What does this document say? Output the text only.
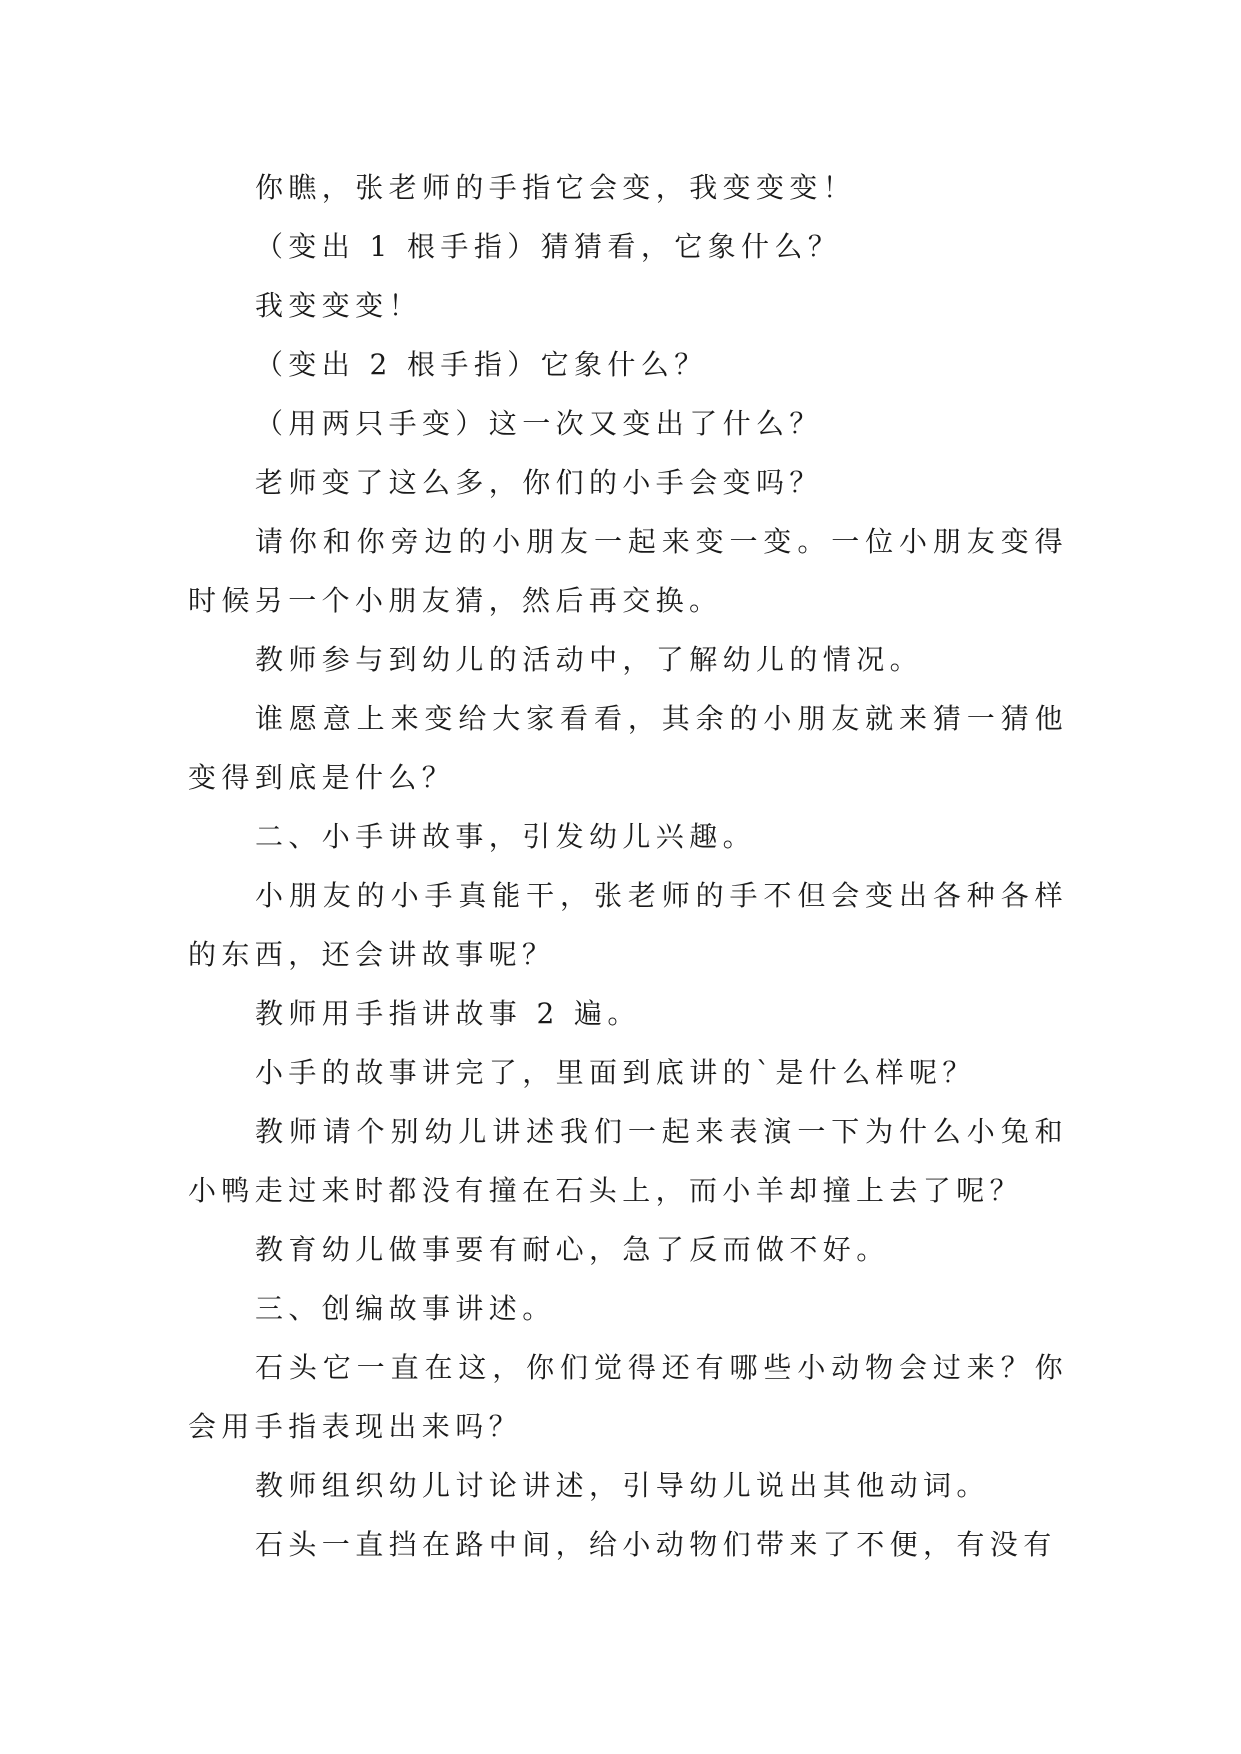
你瞧，张老师的手指它会变，我变变变！

（变出 1 根手指）猜猜看，它象什么？

我变变变！

（变出 2 根手指）它象什么？

（用两只手变）这一次又变出了什么？

老师变了这么多，你们的小手会变吗？

请你和你旁边的小朋友一起来变一变。一位小朋友变得时候另一个小朋友猜，然后再交换。

教师参与到幼儿的活动中，了解幼儿的情况。

谁愿意上来变给大家看看，其余的小朋友就来猜一猜他变得到底是什么？

二、小手讲故事，引发幼儿兴趣。

小朋友的小手真能干，张老师的手不但会变出各种各样的东西，还会讲故事呢？

教师用手指讲故事 2 遍。

小手的故事讲完了，里面到底讲的`是什么样呢？

教师请个别幼儿讲述我们一起来表演一下为什么小兔和小鸭走过来时都没有撞在石头上，而小羊却撞上去了呢？

教育幼儿做事要有耐心，急了反而做不好。

三、创编故事讲述。

石头它一直在这，你们觉得还有哪些小动物会过来？你会用手指表现出来吗？

教师组织幼儿讨论讲述，引导幼儿说出其他动词。

石头一直挡在路中间，给小动物们带来了不便，有没有
